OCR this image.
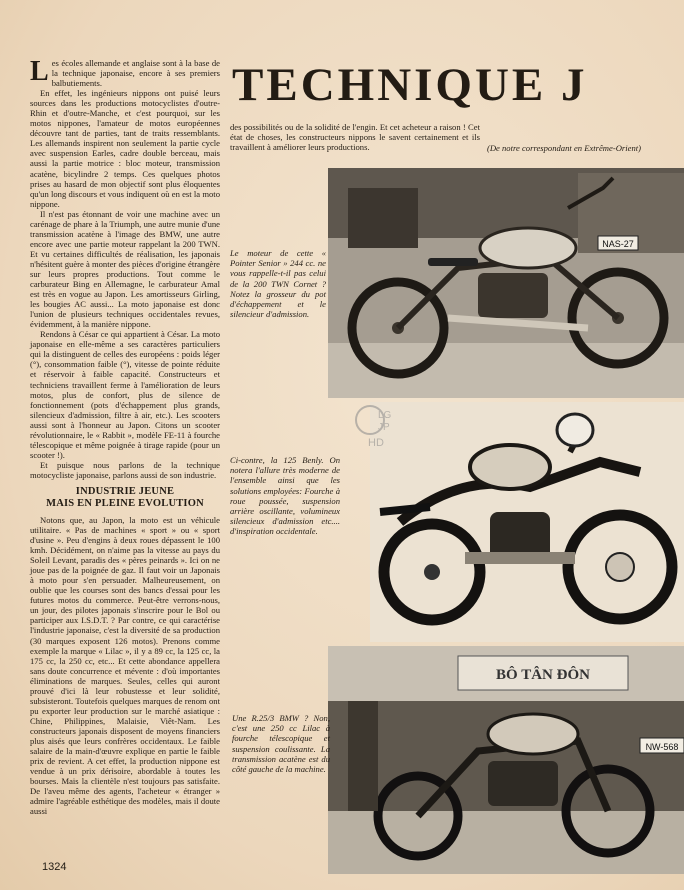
TECHNIQUE J

Les écoles allemande et anglaise sont à la base de la technique japonaise, encore à ses premiers balbutiements.

En effet, les ingénieurs nippons ont puisé leurs sources dans les productions motocyclistes d'outre-Rhin et d'outre-Manche, et c'est pourquoi, sur les motos nippones, l'amateur de motos européennes découvre tant de parties, tant de traits ressemblants. Les allemands inspirent non seulement la partie cycle avec suspension Earles, cadre double berceau, mais aussi la partie motrice : bloc moteur, transmission acatène, bicylindre 2 temps. Ces quelques photos prises au hasard de mon objectif sont plus éloquentes qu'un long discours et vous indiquent où en est la moto nippone.

Il n'est pas étonnant de voir une machine avec un carénage de phare à la Triumph, une autre munie d'une transmission acatène à l'image des BMW, une autre encore avec une partie moteur rappelant la 200 TWN. Et vu certaines difficultés de réalisation, les japonais n'hésitent guère à monter des pièces d'origine étrangère sur leurs propres productions. Tout comme le carburateur Bing en Allemagne, le carburateur Amal est très en vogue au Japon. Les amortisseurs Girling, les bougies AC aussi... La moto japonaise est donc l'union de plusieurs techniques occidentales revues, évidemment, à la manière nippone.

Rendons à César ce qui appartient à César. La moto japonaise en elle-même a ses caractères particuliers qui la distinguent de celles des européens : poids léger (°), consommation faible (°), vitesse de pointe réduite et réservoir à faible capacité. Constructeurs et techniciens travaillent ferme à l'amélioration de leurs motos, plus de confort, plus de silence de fonctionnement (pots d'échappement plus grands, silencieux d'admission, filtre à air, etc.). Les scooters aussi sont à l'honneur au Japon. Citons un scooter révolutionnaire, le « Rabbit », modèle FE-11 à fourche télescopique et même poignée à tirage rapide (pour un scooter !).

Et puisque nous parlons de la technique motocycliste japonaise, parlons aussi de son industrie.

INDUSTRIE JEUNE
MAIS EN PLEINE EVOLUTION

Notons que, au Japon, la moto est un véhicule utilitaire. « Pas de machines « sport » ou « sport d'usine ». Peu d'engins à deux roues dépassent le 100 kmh. Décidément, on n'aime pas la vitesse au pays du Soleil Levant, paradis des « pères peinards ». Ici on ne joue pas de la poignée de gaz. Il faut voir un Japonais à moto pour s'en persuader. Malheureusement, on oublie que les courses sont des bancs d'essai pour les futures motos du commerce. Peut-être verrons-nous, un jour, des pilotes japonais s'inscrire pour le Bol ou participer aux I.S.D.T. ? Par contre, ce qui caractérise l'industrie japonaise, c'est la diversité de sa production (30 marques exposent 126 motos). Prenons comme exemple la marque « Lilac », il y a 89 cc, la 125 cc, la 175 cc, la 250 cc, etc... Et cette abondance appellera sans doute concurrence et mévente : d'où importantes éliminations de marques. Seules, celles qui auront prouvé d'ici là leur robustesse et leur solidité, subsisteront. Toutefois quelques marques de renom ont pu exporter leur production sur le marché asiatique : Chine, Philippines, Malaisie, Viêt-Nam. Les constructeurs japonais disposent de moyens financiers plus aisés que leurs confrères occidentaux. Le faible salaire de la main-d'œuvre explique en partie le faible prix de revient. A cet effet, la production nippone est vendue à un prix dérisoire, abordable à toutes les bourses. Mais la clientèle n'est toujours pas satisfaite. De l'aveu même des agents, l'acheteur « étranger » admire l'agréable esthétique des modèles, mais il doute aussi

des possibilités ou de la solidité de l'engin. Et cet acheteur a raison ! Cet état de choses, les constructeurs nippons le savent certainement et ils travaillent à améliorer leurs productions.	(De notre correspondant en Extrême-Orient)
NAS-27
Le moteur de cette « Pointer Senior » 244 cc. ne vous rappelle-t-il pas celui de la 200 TWN Cornet ? Notez la grosseur du pot d'échappement et le silencieur d'admission.
Ci-contre, la 125 Benly. On notera l'allure très moderne de l'ensemble ainsi que les solutions employées: Fourche à roue poussée, suspension arrière oscillante, volumineux silencieux d'admission etc.... d'inspiration occidentale.
LG
JP
HD
BÔ TÂN ĐÔN
NW-568
Une R.25/3 BMW ? Non, c'est une 250 cc Lilac à fourche télescopique et suspension coulissante. La transmission acatène est du côté gauche de la machine.
1324
